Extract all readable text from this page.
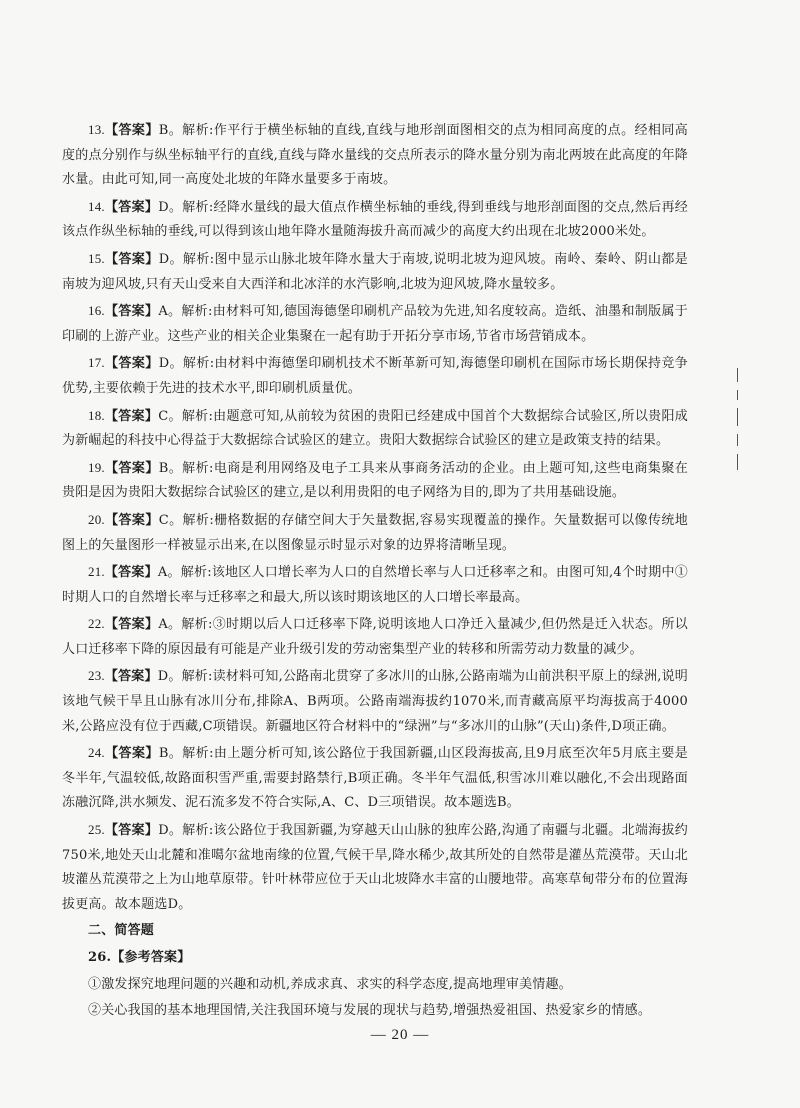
13.【答案】B。解析:作平行于横坐标轴的直线,直线与地形剖面图相交的点为相同高度的点。经相同高度的点分别作与纵坐标轴平行的直线,直线与降水量线的交点所表示的降水量分别为南北两坡在此高度的年降水量。由此可知,同一高度处北坡的年降水量要多于南坡。

14.【答案】D。解析:经降水量线的最大值点作横坐标轴的垂线,得到垂线与地形剖面图的交点,然后再经该点作纵坐标轴的垂线,可以得到该山地年降水量随海拔升高而减少的高度大约出现在北坡2000米处。

15.【答案】D。解析:图中显示山脉北坡年降水量大于南坡,说明北坡为迎风坡。南岭、秦岭、阴山都是南坡为迎风坡,只有天山受来自大西洋和北冰洋的水汽影响,北坡为迎风坡,降水量较多。

16.【答案】A。解析:由材料可知,德国海德堡印刷机产品较为先进,知名度较高。造纸、油墨和制版属于印刷的上游产业。这些产业的相关企业集聚在一起有助于开拓分享市场,节省市场营销成本。

17.【答案】D。解析:由材料中海德堡印刷机技术不断革新可知,海德堡印刷机在国际市场长期保持竞争优势,主要依赖于先进的技术水平,即印刷机质量优。

18.【答案】C。解析:由题意可知,从前较为贫困的贵阳已经建成中国首个大数据综合试验区,所以贵阳成为新崛起的科技中心得益于大数据综合试验区的建立。贵阳大数据综合试验区的建立是政策支持的结果。

19.【答案】B。解析:电商是利用网络及电子工具来从事商务活动的企业。由上题可知,这些电商集聚在贵阳是因为贵阳大数据综合试验区的建立,是以利用贵阳的电子网络为目的,即为了共用基础设施。

20.【答案】C。解析:栅格数据的存储空间大于矢量数据,容易实现覆盖的操作。矢量数据可以像传统地图上的矢量图形一样被显示出来,在以图像显示时显示对象的边界将清晰呈现。

21.【答案】A。解析:该地区人口增长率为人口的自然增长率与人口迁移率之和。由图可知,4个时期中①时期人口的自然增长率与迁移率之和最大,所以该时期该地区的人口增长率最高。

22.【答案】A。解析:③时期以后人口迁移率下降,说明该地人口净迁入量减少,但仍然是迁入状态。所以人口迁移率下降的原因最有可能是产业升级引发的劳动密集型产业的转移和所需劳动力数量的减少。

23.【答案】D。解析:读材料可知,公路南北贯穿了多冰川的山脉,公路南端为山前洪积平原上的绿洲,说明该地气候干旱且山脉有冰川分布,排除A、B两项。公路南端海拔约1070米,而青藏高原平均海拔高于4000米,公路应没有位于西藏,C项错误。新疆地区符合材料中的“绿洲”与“多冰川的山脉”(天山)条件,D项正确。

24.【答案】B。解析:由上题分析可知,该公路位于我国新疆,山区段海拔高,且9月底至次年5月底主要是冬半年,气温较低,故路面积雪严重,需要封路禁行,B项正确。冬半年气温低,积雪冰川难以融化,不会出现路面冻融沉降,洪水频发、泥石流多发不符合实际,A、C、D三项错误。故本题选B。

25.【答案】D。解析:该公路位于我国新疆,为穿越天山山脉的独库公路,沟通了南疆与北疆。北端海拔约750米,地处天山北麓和准噶尔盆地南缘的位置,气候干旱,降水稀少,故其所处的自然带是灌丛荒漠带。天山北坡灌丛荒漠带之上为山地草原带。针叶林带应位于天山北坡降水丰富的山腰地带。高寒草甸带分布的位置海拔更高。故本题选D。

二、简答题

26.【参考答案】

①激发探究地理问题的兴趣和动机,养成求真、求实的科学态度,提高地理审美情趣。

②关心我国的基本地理国情,关注我国环境与发展的现状与趋势,增强热爱祖国、热爱家乡的情感。

— 20 —
